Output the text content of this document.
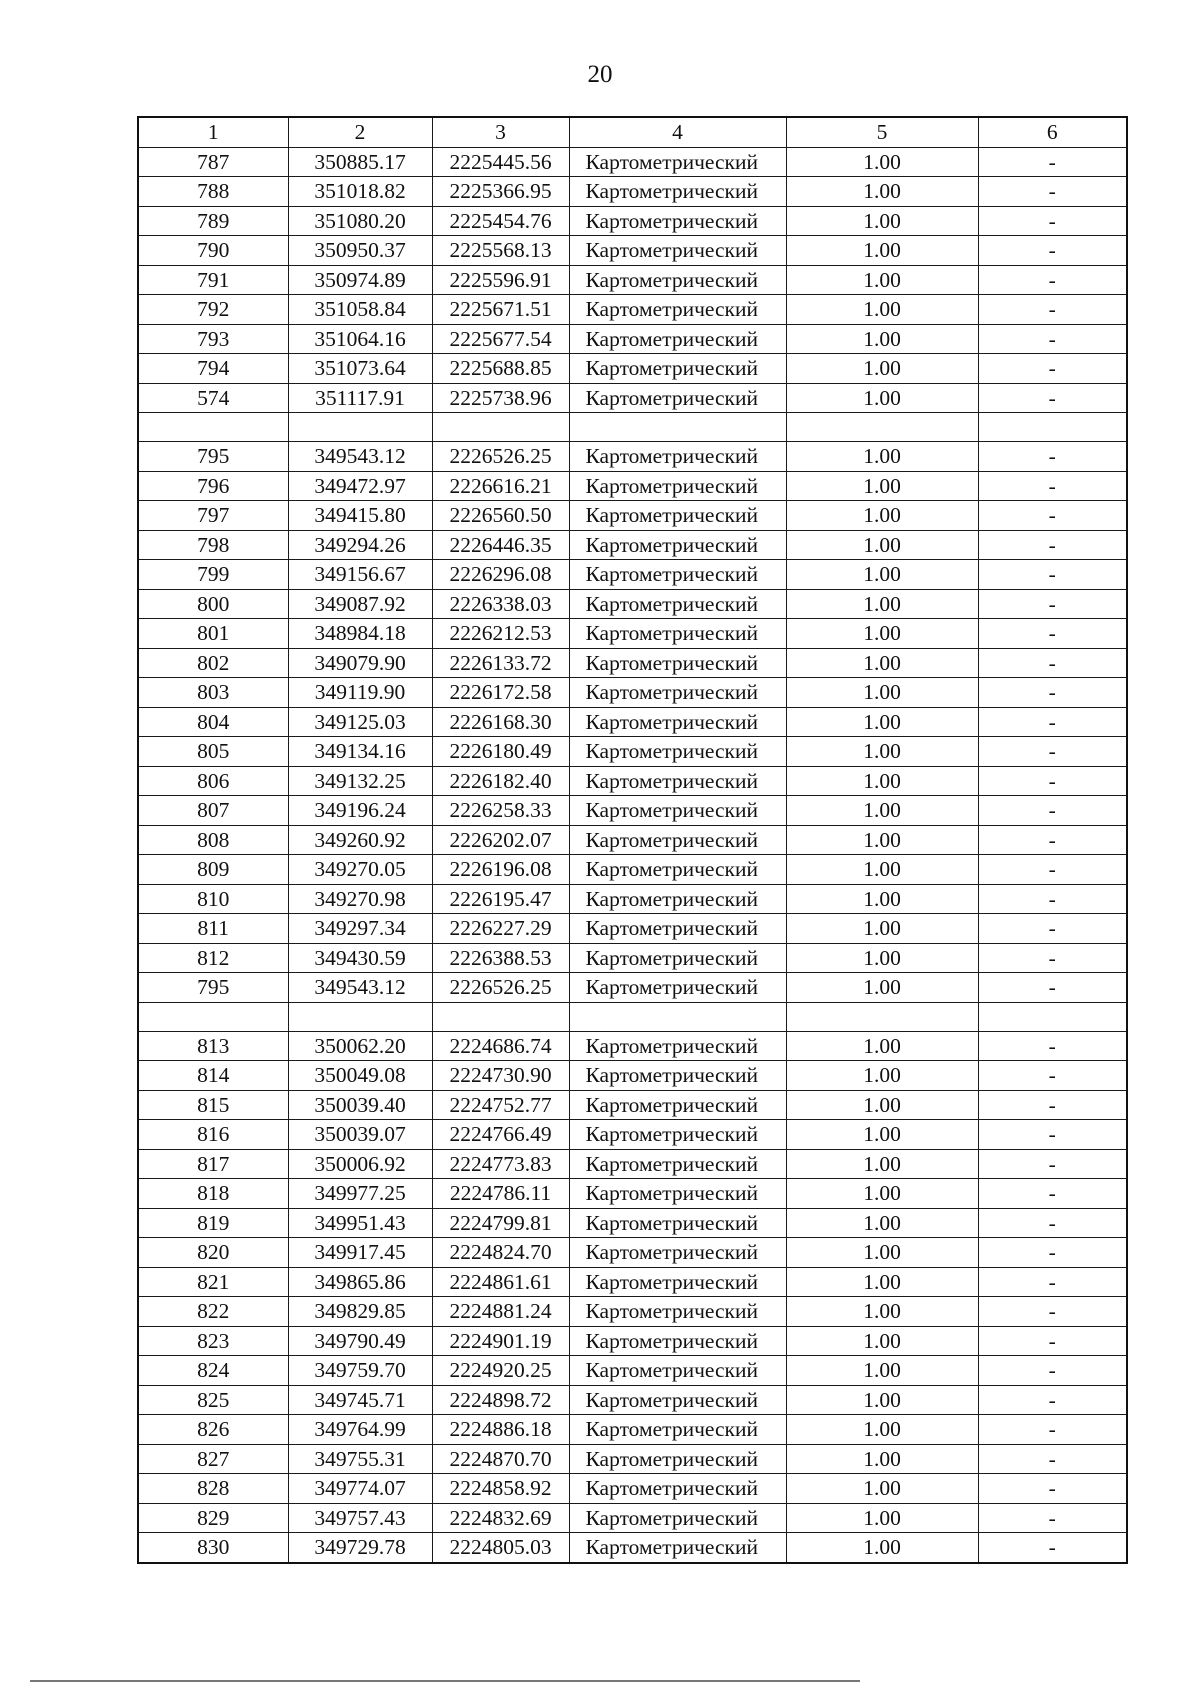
20
1	2	3	4	5	6
787	350885.17	2225445.56	Картометрический	1.00	-
788	351018.82	2225366.95	Картометрический	1.00	-
789	351080.20	2225454.76	Картометрический	1.00	-
790	350950.37	2225568.13	Картометрический	1.00	-
791	350974.89	2225596.91	Картометрический	1.00	-
792	351058.84	2225671.51	Картометрический	1.00	-
793	351064.16	2225677.54	Картометрический	1.00	-
794	351073.64	2225688.85	Картометрический	1.00	-
574	351117.91	2225738.96	Картометрический	1.00	-

795	349543.12	2226526.25	Картометрический	1.00	-
796	349472.97	2226616.21	Картометрический	1.00	-
797	349415.80	2226560.50	Картометрический	1.00	-
798	349294.26	2226446.35	Картометрический	1.00	-
799	349156.67	2226296.08	Картометрический	1.00	-
800	349087.92	2226338.03	Картометрический	1.00	-
801	348984.18	2226212.53	Картометрический	1.00	-
802	349079.90	2226133.72	Картометрический	1.00	-
803	349119.90	2226172.58	Картометрический	1.00	-
804	349125.03	2226168.30	Картометрический	1.00	-
805	349134.16	2226180.49	Картометрический	1.00	-
806	349132.25	2226182.40	Картометрический	1.00	-
807	349196.24	2226258.33	Картометрический	1.00	-
808	349260.92	2226202.07	Картометрический	1.00	-
809	349270.05	2226196.08	Картометрический	1.00	-
810	349270.98	2226195.47	Картометрический	1.00	-
811	349297.34	2226227.29	Картометрический	1.00	-
812	349430.59	2226388.53	Картометрический	1.00	-
795	349543.12	2226526.25	Картометрический	1.00	-

813	350062.20	2224686.74	Картометрический	1.00	-
814	350049.08	2224730.90	Картометрический	1.00	-
815	350039.40	2224752.77	Картометрический	1.00	-
816	350039.07	2224766.49	Картометрический	1.00	-
817	350006.92	2224773.83	Картометрический	1.00	-
818	349977.25	2224786.11	Картометрический	1.00	-
819	349951.43	2224799.81	Картометрический	1.00	-
820	349917.45	2224824.70	Картометрический	1.00	-
821	349865.86	2224861.61	Картометрический	1.00	-
822	349829.85	2224881.24	Картометрический	1.00	-
823	349790.49	2224901.19	Картометрический	1.00	-
824	349759.70	2224920.25	Картометрический	1.00	-
825	349745.71	2224898.72	Картометрический	1.00	-
826	349764.99	2224886.18	Картометрический	1.00	-
827	349755.31	2224870.70	Картометрический	1.00	-
828	349774.07	2224858.92	Картометрический	1.00	-
829	349757.43	2224832.69	Картометрический	1.00	-
830	349729.78	2224805.03	Картометрический	1.00	-
